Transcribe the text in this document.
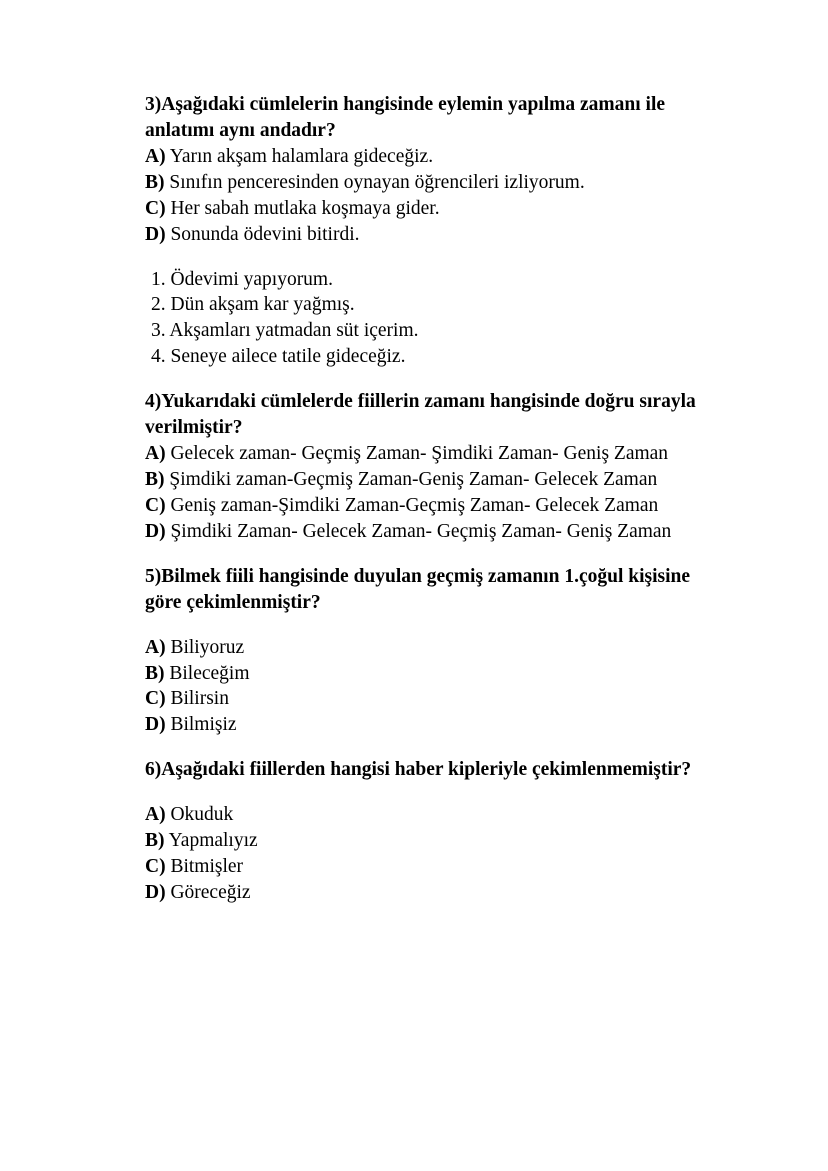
3)Aşağıdaki cümlelerin hangisinde eylemin yapılma zamanı ile anlatımı aynı andadır?

A) Yarın akşam halamlara gideceğiz.

B) Sınıfın penceresinden oynayan öğrencileri izliyorum.

C) Her sabah mutlaka koşmaya gider.

D) Sonunda ödevini bitirdi.

1. Ödevimi yapıyorum.

2. Dün akşam kar yağmış.

3. Akşamları yatmadan süt içerim.

4. Seneye ailece tatile gideceğiz.

4)Yukarıdaki cümlelerde fiillerin zamanı hangisinde doğru sırayla verilmiştir?

A) Gelecek zaman- Geçmiş Zaman- Şimdiki Zaman- Geniş Zaman

B) Şimdiki zaman-Geçmiş Zaman-Geniş Zaman- Gelecek Zaman

C) Geniş zaman-Şimdiki Zaman-Geçmiş Zaman- Gelecek Zaman

D) Şimdiki Zaman- Gelecek Zaman- Geçmiş Zaman- Geniş Zaman

5)Bilmek fiili hangisinde duyulan geçmiş zamanın 1.çoğul kişisine göre çekimlenmiştir?

A) Biliyoruz

B) Bileceğim

C) Bilirsin

D) Bilmişiz

6)Aşağıdaki fiillerden hangisi haber kipleriyle çekimlenmemiştir?

A) Okuduk

B) Yapmalıyız

C) Bitmişler

D) Göreceğiz
